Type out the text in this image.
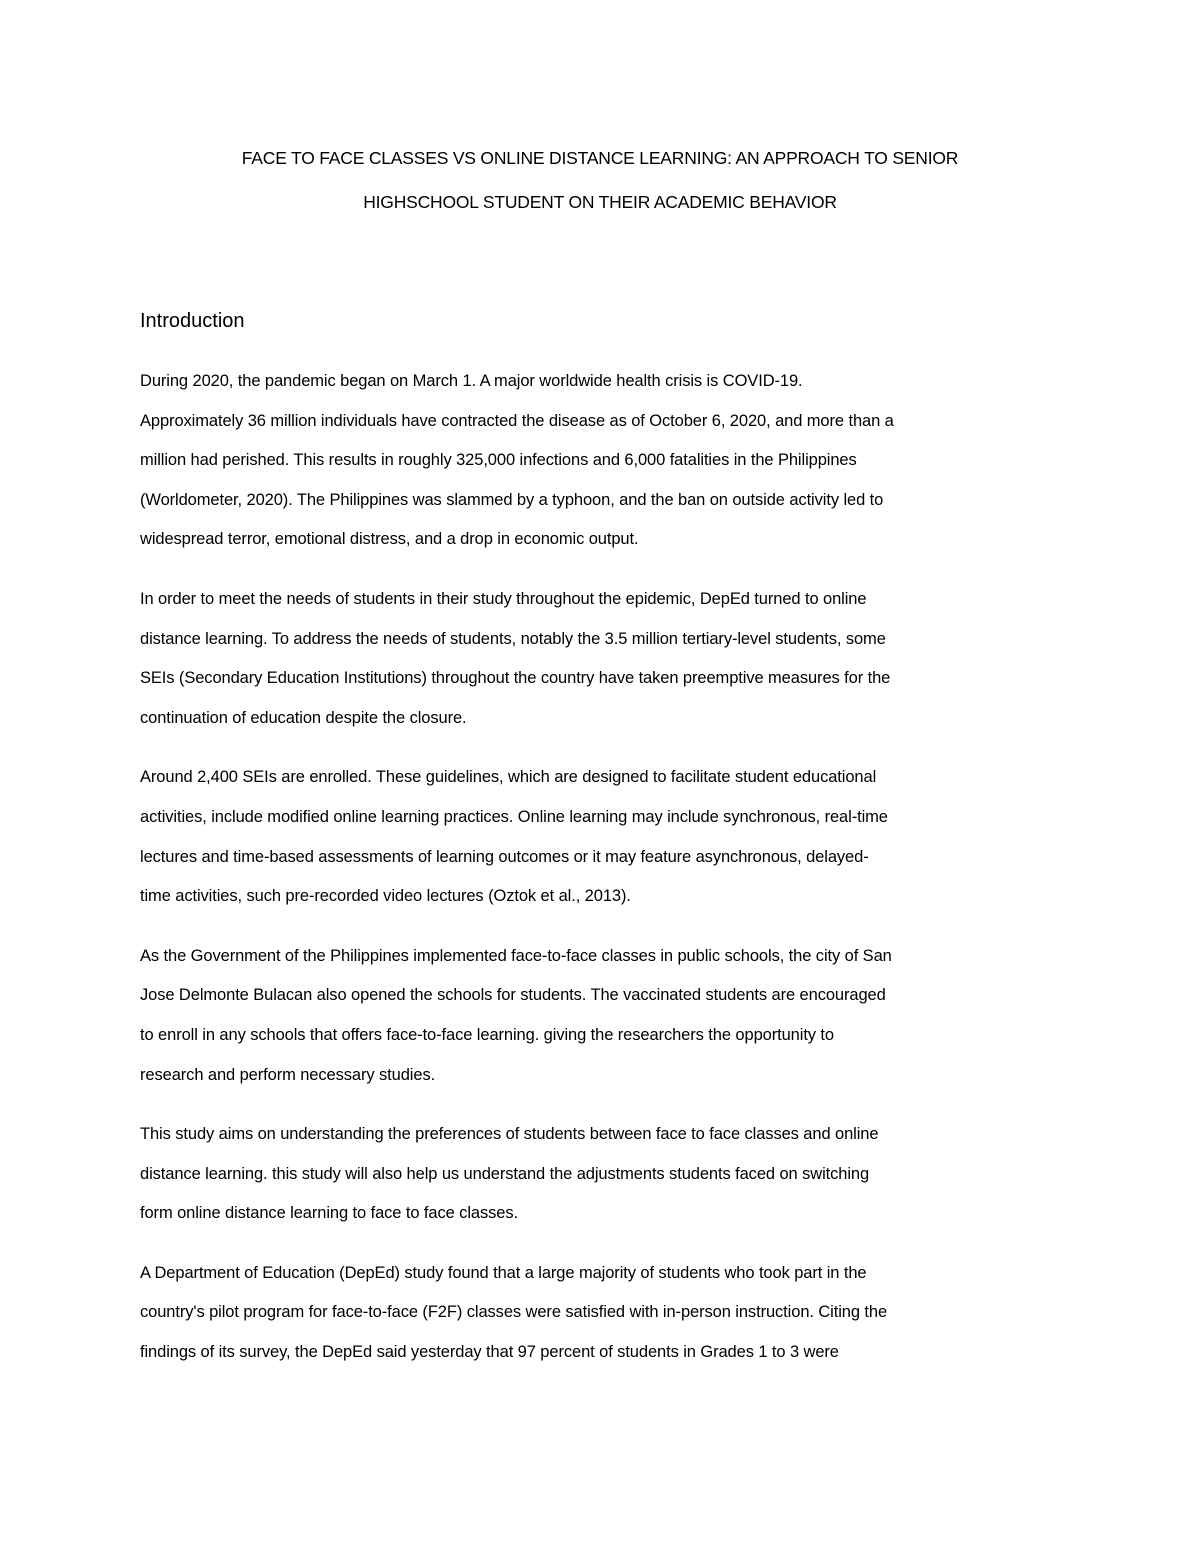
FACE TO FACE CLASSES VS ONLINE DISTANCE LEARNING: AN APPROACH TO SENIOR
HIGHSCHOOL STUDENT ON THEIR ACADEMIC BEHAVIOR
Introduction

During 2020, the pandemic began on March 1. A major worldwide health crisis is COVID-19.
Approximately 36 million individuals have contracted the disease as of October 6, 2020, and more than a
million had perished. This results in roughly 325,000 infections and 6,000 fatalities in the Philippines
(Worldometer, 2020). The Philippines was slammed by a typhoon, and the ban on outside activity led to
widespread terror, emotional distress, and a drop in economic output.

In order to meet the needs of students in their study throughout the epidemic, DepEd turned to online
distance learning. To address the needs of students, notably the 3.5 million tertiary-level students, some
SEIs (Secondary Education Institutions) throughout the country have taken preemptive measures for the
continuation of education despite the closure.

Around 2,400 SEIs are enrolled. These guidelines, which are designed to facilitate student educational
activities, include modified online learning practices. Online learning may include synchronous, real-time
lectures and time-based assessments of learning outcomes or it may feature asynchronous, delayed-
time activities, such pre-recorded video lectures (Oztok et al., 2013).

As the Government of the Philippines implemented face-to-face classes in public schools, the city of San
Jose Delmonte Bulacan also opened the schools for students. The vaccinated students are encouraged
to enroll in any schools that offers face-to-face learning. giving the researchers the opportunity to
research and perform necessary studies.

This study aims on understanding the preferences of students between face to face classes and online
distance learning. this study will also help us understand the adjustments students faced on switching
form online distance learning to face to face classes.

A Department of Education (DepEd) study found that a large majority of students who took part in the
country's pilot program for face-to-face (F2F) classes were satisfied with in-person instruction. Citing the
findings of its survey, the DepEd said yesterday that 97 percent of students in Grades 1 to 3 were
